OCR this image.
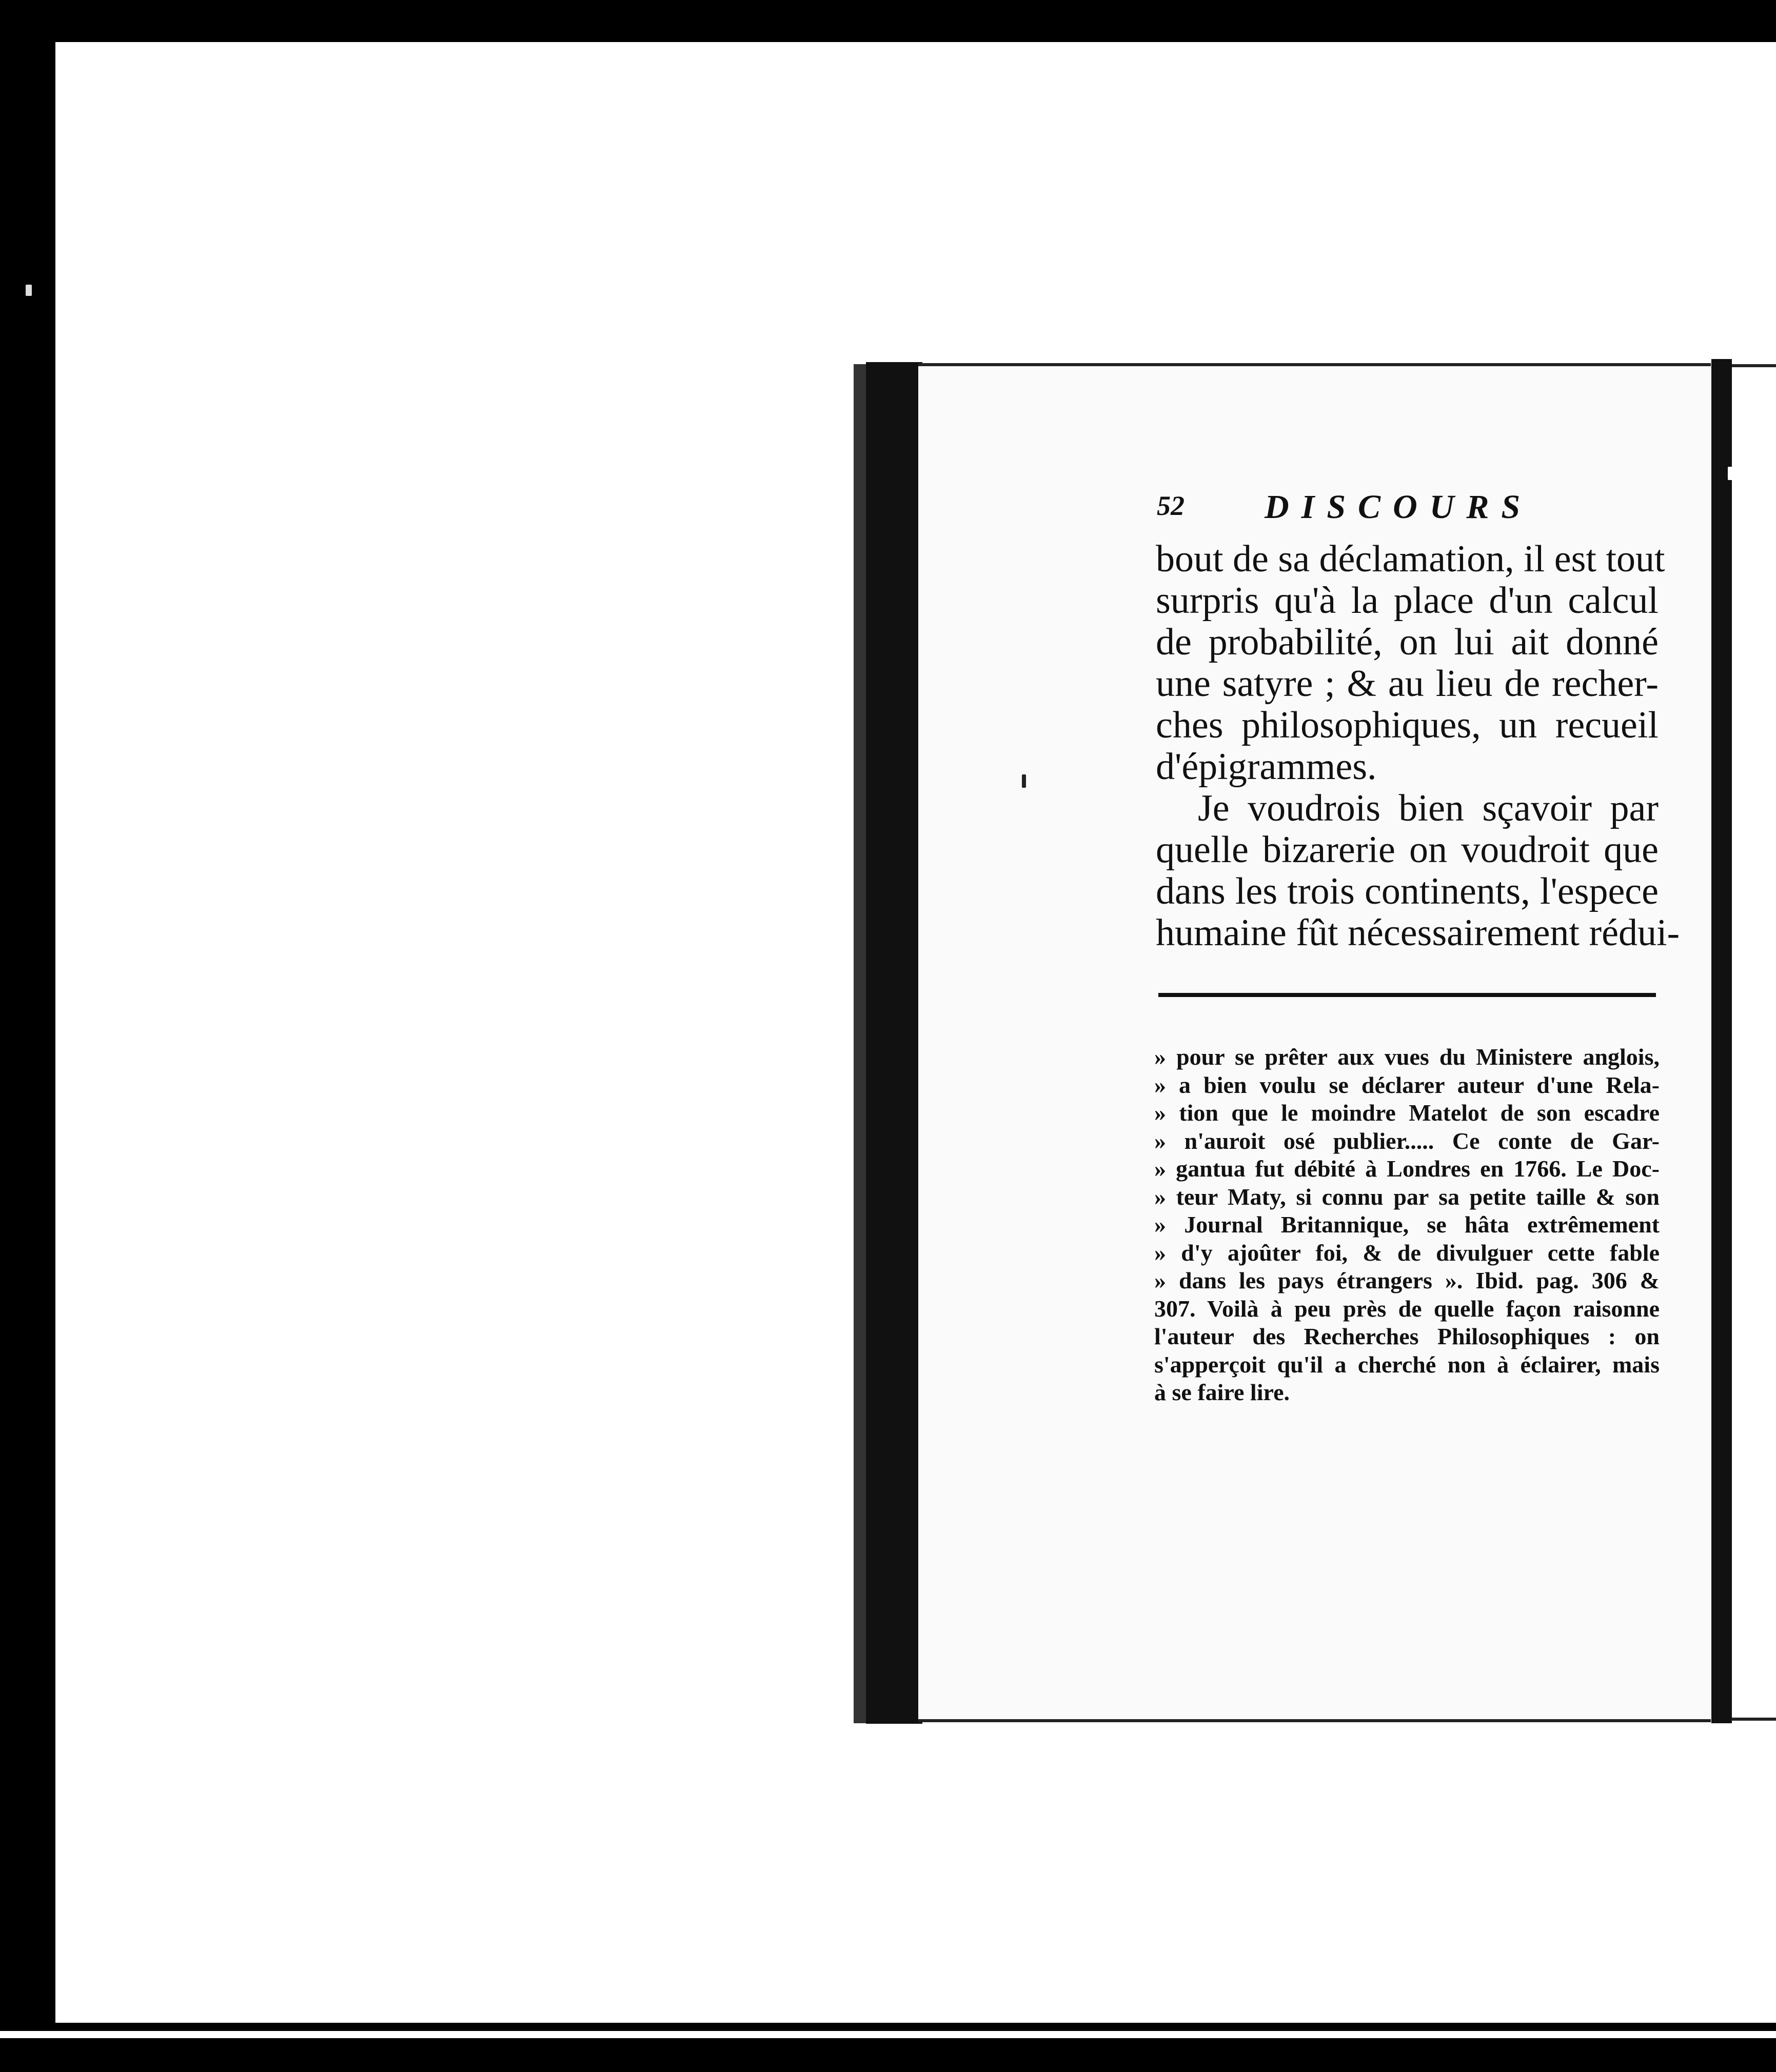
52 DISCOURS
bout de sa déclamation, il est tout
surpris qu'à la place d'un calcul
de probabilité, on lui ait donné
une satyre ; & au lieu de recher-
ches philosophiques, un recueil
d'épigrammes.
Je voudrois bien sçavoir par
quelle bizarerie on voudroit que
dans les trois continents, l'espece
humaine fût nécessairement rédui-
» pour se prêter aux vues du Ministere anglois,
» a bien voulu se déclarer auteur d'une Rela-
» tion que le moindre Matelot de son escadre
» n'auroit osé publier..... Ce conte de Gar-
» gantua fut débité à Londres en 1766. Le Doc-
» teur Maty, si connu par sa petite taille & son
» Journal Britannique, se hâta extrêmement
» d'y ajoûter foi, & de divulguer cette fable
» dans les pays étrangers ». Ibid. pag. 306 &
307. Voilà à peu près de quelle façon raisonne
l'auteur des Recherches Philosophiques : on
s'apperçoit qu'il a cherché non à éclairer, mais
à se faire lire.
